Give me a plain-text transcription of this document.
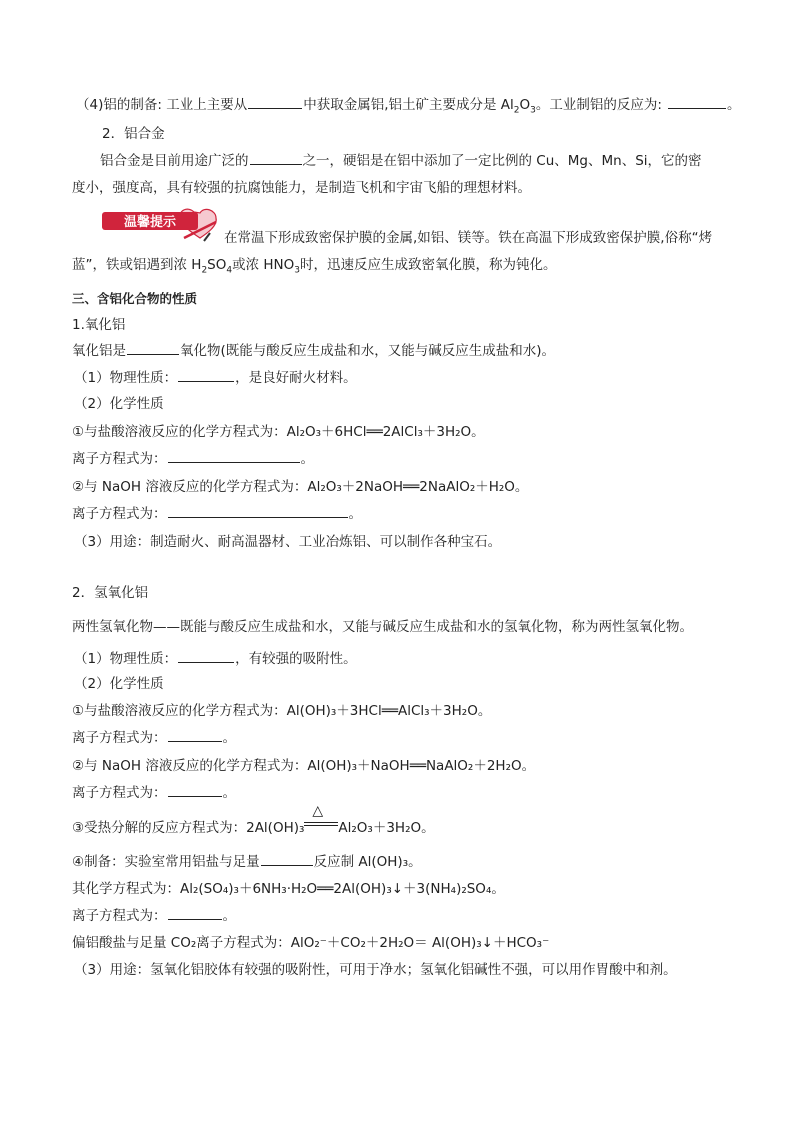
（4)铝的制备: 工业上主要从	中获取金属铝,铝土矿主要成分是 $Al_2O_3$。工业制铝的反应为:	。
2．铝合金
铝合金是目前用途广泛的	之一，硬铝是在铝中添加了一定比例的 Cu、Mg、Mn、Si，它的密
度小，强度高，具有较强的抗腐蚀能力，是制造飞机和宇宙飞船的理想材料。
温馨提示
在常温下形成致密保护膜的金属,如铝、镁等。铁在高温下形成致密保护膜,俗称“烤
蓝”，铁或铝遇到浓 $H_2SO_4$或浓 $HNO_3$时，迅速反应生成致密氧化膜，称为钝化。
三、含铝化合物的性质
1.氧化铝
氧化铝是	氧化物(既能与酸反应生成盐和水，又能与碱反应生成盐和水)。
（1）物理性质：	，是良好耐火材料。
（2）化学性质
①与盐酸溶液反应的化学方程式为：Al₂O₃＋6HCl══2AlCl₃＋3H₂O。
离子方程式为：	。
②与 NaOH 溶液反应的化学方程式为：Al₂O₃＋2NaOH══2NaAlO₂＋H₂O。
离子方程式为：	。
（3）用途：制造耐火、耐高温器材、工业冶炼铝、可以制作各种宝石。
2．氢氧化铝
两性氢氧化物——既能与酸反应生成盐和水，又能与碱反应生成盐和水的氢氧化物，称为两性氢氧化物。
（1）物理性质：	，有较强的吸附性。
（2）化学性质
①与盐酸溶液反应的化学方程式为：Al(OH)₃＋3HCl══AlCl₃＋3H₂O。
离子方程式为：	。
②与 NaOH 溶液反应的化学方程式为：Al(OH)₃＋NaOH══NaAlO₂＋2H₂O。
离子方程式为：	。
③受热分解的反应方程式为：2Al(OH)₃
△
Al₂O₃＋3H₂O。
④制备：实验室常用铝盐与足量	反应制 Al(OH)₃。
其化学方程式为：Al₂(SO₄)₃＋6NH₃·H₂O══2Al(OH)₃↓＋3(NH₄)₂SO₄。
离子方程式为：	。
偏铝酸盐与足量 CO₂离子方程式为：AlO₂⁻＋CO₂＋2H₂O＝ Al(OH)₃↓＋HCO₃⁻
（3）用途：氢氧化铝胶体有较强的吸附性，可用于净水；氢氧化铝碱性不强，可以用作胃酸中和剂。
